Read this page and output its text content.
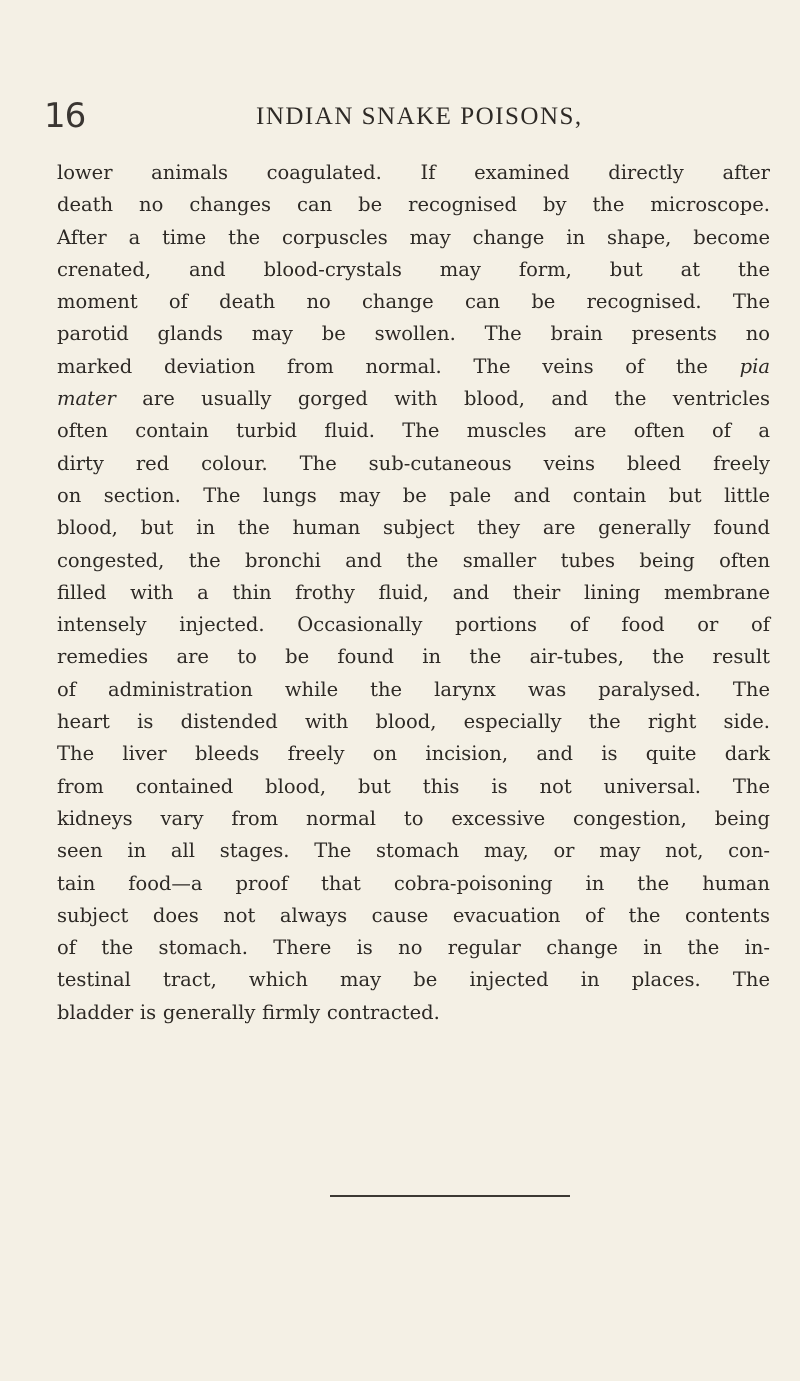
16	INDIAN SNAKE POISONS,

lower animals coagulated. If examined directly after
death no changes can be recognised by the microscope.
After a time the corpuscles may change in shape, become
crenated, and blood-crystals may form, but at the
moment of death no change can be recognised. The
parotid glands may be swollen. The brain presents no
marked deviation from normal. The veins of the pia
mater are usually gorged with blood, and the ventricles
often contain turbid fluid. The muscles are often of a
dirty red colour. The sub-cutaneous veins bleed freely
on section. The lungs may be pale and contain but little
blood, but in the human subject they are generally found
congested, the bronchi and the smaller tubes being often
filled with a thin frothy fluid, and their lining membrane
intensely injected. Occasionally portions of food or of
remedies are to be found in the air-tubes, the result
of administration while the larynx was paralysed. The
heart is distended with blood, especially the right side.
The liver bleeds freely on incision, and is quite dark
from contained blood, but this is not universal. The
kidneys vary from normal to excessive congestion, being
seen in all stages. The stomach may, or may not, con-
tain food—a proof that cobra-poisoning in the human
subject does not always cause evacuation of the contents
of the stomach. There is no regular change in the in-
testinal tract, which may be injected in places. The
bladder is generally firmly contracted.
